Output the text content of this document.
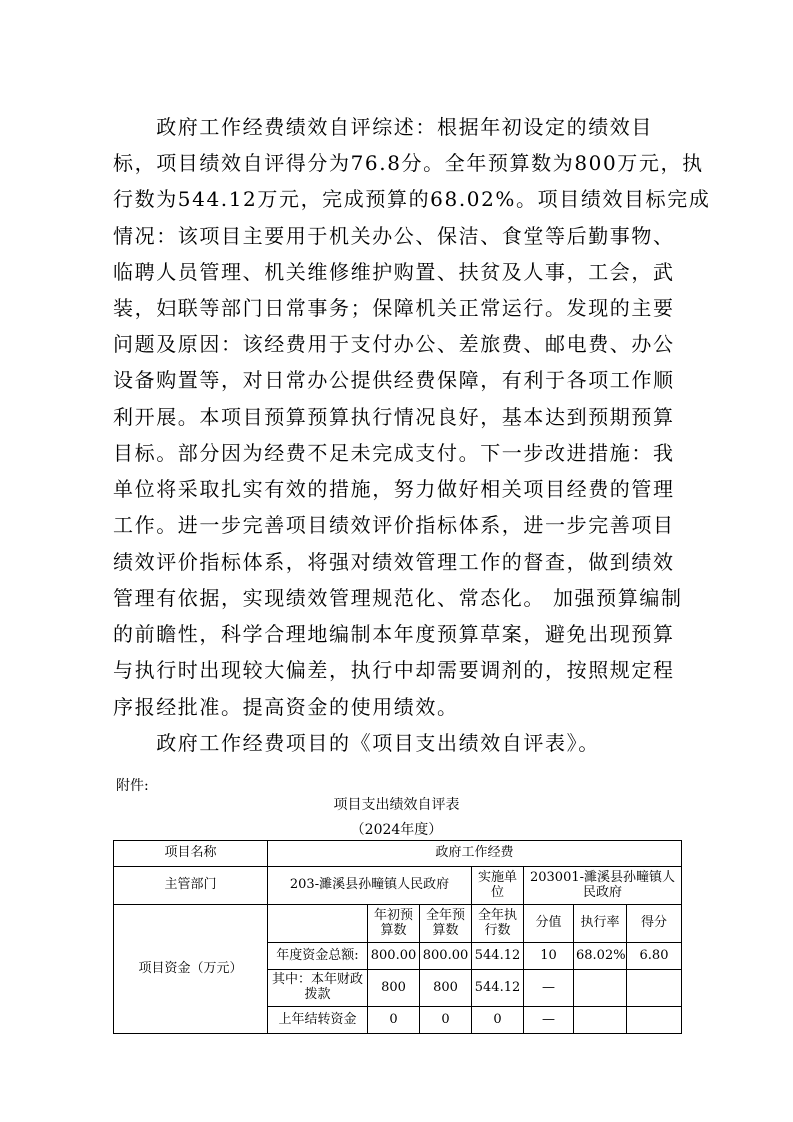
　　政府工作经费绩效自评综述：根据年初设定的绩效目
标，项目绩效自评得分为76.8分。全年预算数为800万元，执
行数为544.12万元，完成预算的68.02%。项目绩效目标完成
情况：该项目主要用于机关办公、保洁、食堂等后勤事物、
临聘人员管理、机关维修维护购置、扶贫及人事，工会，武
装，妇联等部门日常事务；保障机关正常运行。发现的主要
问题及原因：该经费用于支付办公、差旅费、邮电费、办公
设备购置等，对日常办公提供经费保障，有利于各项工作顺
利开展。本项目预算预算执行情况良好，基本达到预期预算
目标。部分因为经费不足未完成支付。下一步改进措施：我
单位将采取扎实有效的措施，努力做好相关项目经费的管理
工作。进一步完善项目绩效评价指标体系，进一步完善项目
绩效评价指标体系，将强对绩效管理工作的督查，做到绩效
管理有依据，实现绩效管理规范化、常态化。 加强预算编制
的前瞻性，科学合理地编制本年度预算草案，避免出现预算
与执行时出现较大偏差，执行中却需要调剂的，按照规定程
序报经批准。提高资金的使用绩效。
　　政府工作经费项目的《项目支出绩效自评表》。
附件:
项目支出绩效自评表
（2024年度）
项目名称	政府工作经费						
主管部门	203-濉溪县孙疃镇人民政府			实施单位	203001-濉溪县孙疃镇人民政府		
项目资金（万元）		年初预算数	全年预算数	全年执行数	分值	执行率	得分
	年度资金总额:	800.00	800.00	544.12	10	68.02%	6.80
	其中：本年财政拨款	800	800	544.12	—		
	上年结转资金	0	0	0	—		
